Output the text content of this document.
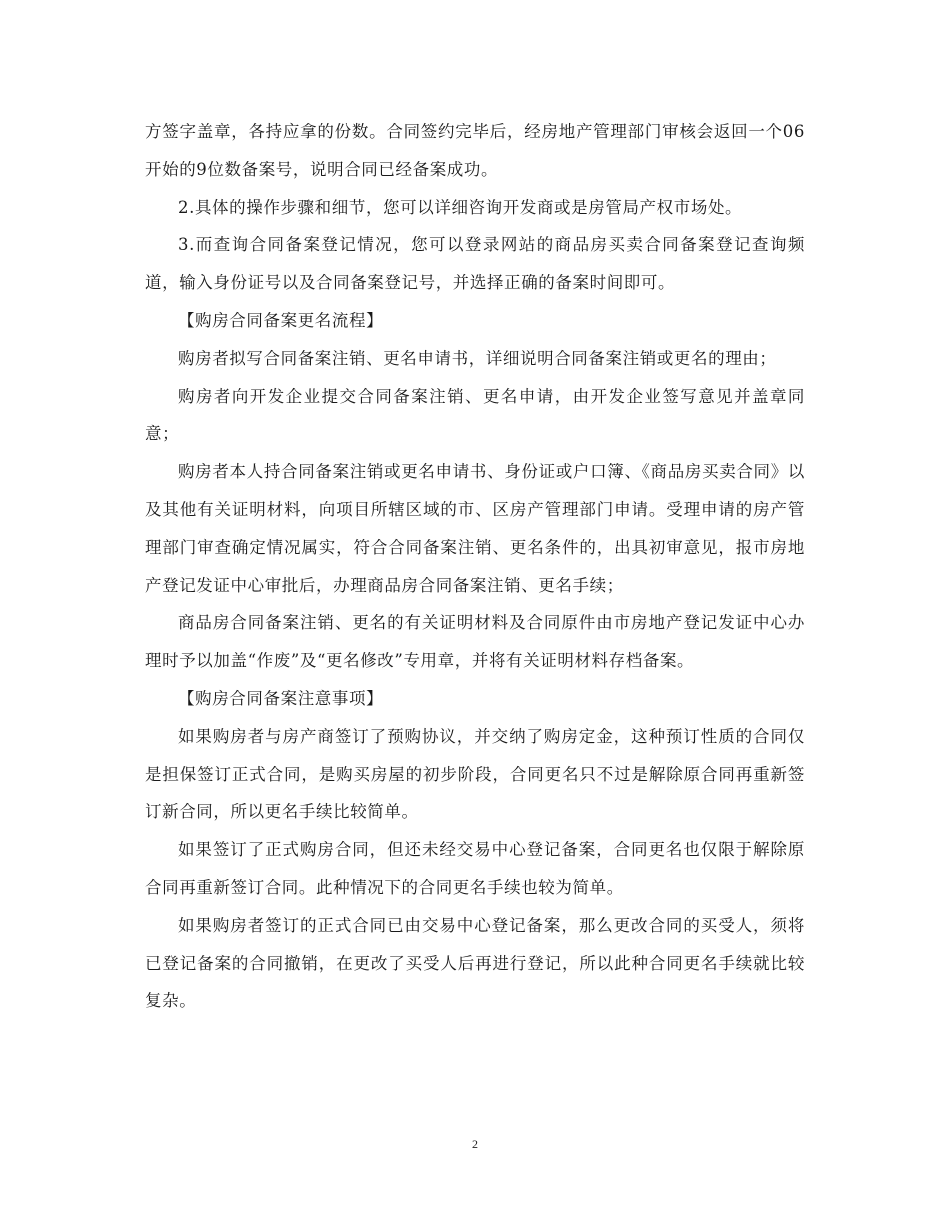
方签字盖章，各持应拿的份数。合同签约完毕后，经房地产管理部门审核会返回一个06开始的9位数备案号，说明合同已经备案成功。

2.具体的操作步骤和细节，您可以详细咨询开发商或是房管局产权市场处。

3.而查询合同备案登记情况，您可以登录网站的商品房买卖合同备案登记查询频道，输入身份证号以及合同备案登记号，并选择正确的备案时间即可。

【购房合同备案更名流程】

购房者拟写合同备案注销、更名申请书，详细说明合同备案注销或更名的理由；

购房者向开发企业提交合同备案注销、更名申请，由开发企业签写意见并盖章同意；

购房者本人持合同备案注销或更名申请书、身份证或户口簿、《商品房买卖合同》以及其他有关证明材料，向项目所辖区域的市、区房产管理部门申请。受理申请的房产管理部门审查确定情况属实，符合合同备案注销、更名条件的，出具初审意见，报市房地产登记发证中心审批后，办理商品房合同备案注销、更名手续；

商品房合同备案注销、更名的有关证明材料及合同原件由市房地产登记发证中心办理时予以加盖“作废”及“更名修改”专用章，并将有关证明材料存档备案。

【购房合同备案注意事项】

如果购房者与房产商签订了预购协议，并交纳了购房定金，这种预订性质的合同仅是担保签订正式合同，是购买房屋的初步阶段，合同更名只不过是解除原合同再重新签订新合同，所以更名手续比较简单。

如果签订了正式购房合同，但还未经交易中心登记备案，合同更名也仅限于解除原合同再重新签订合同。此种情况下的合同更名手续也较为简单。

如果购房者签订的正式合同已由交易中心登记备案，那么更改合同的买受人，须将已登记备案的合同撤销，在更改了买受人后再进行登记，所以此种合同更名手续就比较复杂。

2
